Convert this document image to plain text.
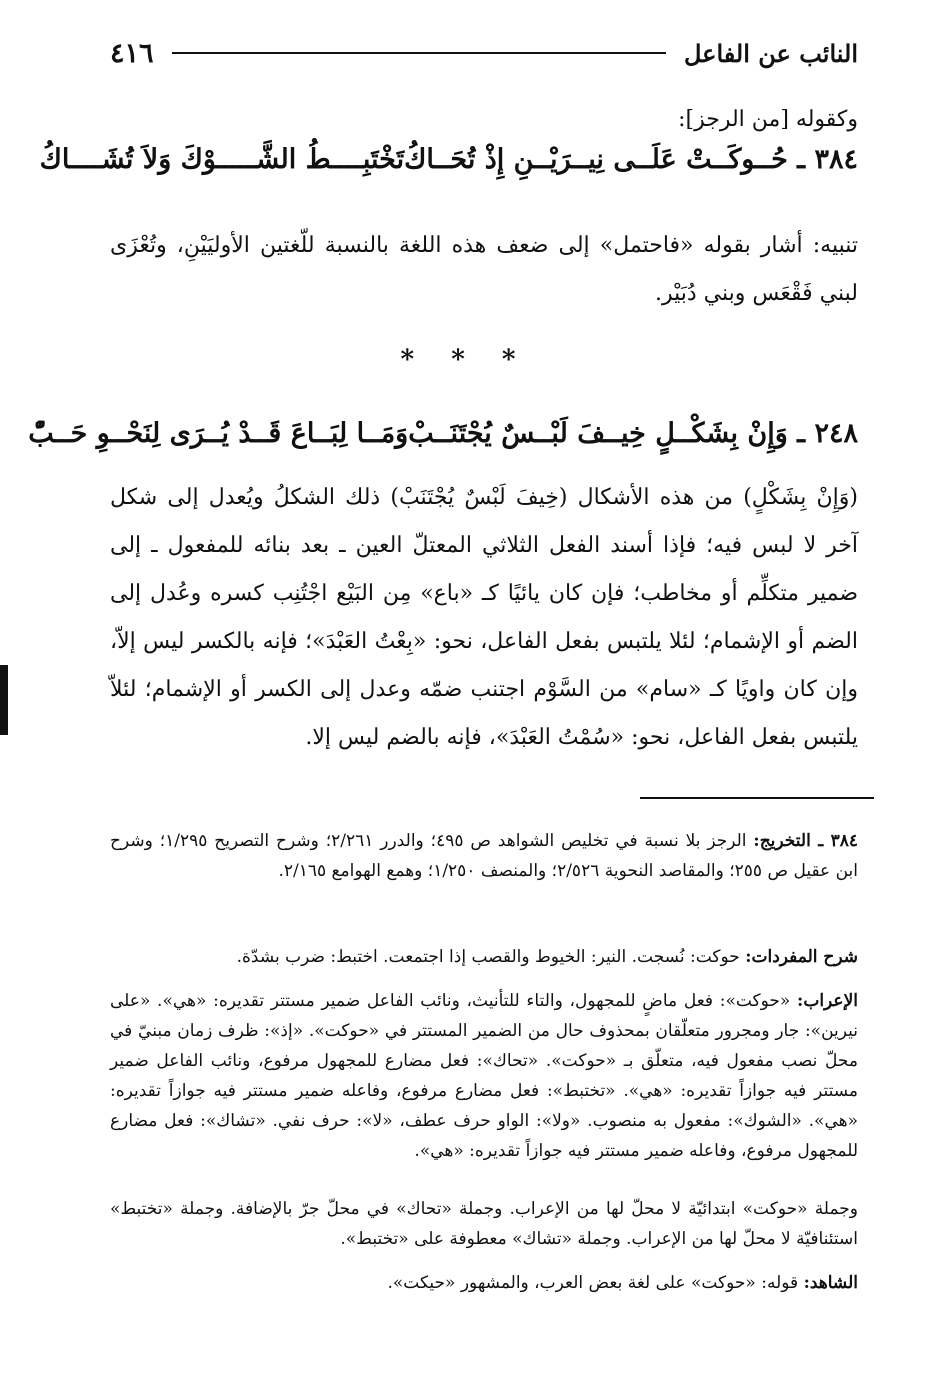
النائب عن الفاعل
٤١٦

وكقوله [من الرجز]:

٣٨٤ ـ حُــوكَــتْ عَلَــى نِيــرَيْــنِ إِذْ تُحَــاكُ
تَخْتَبِــــطُ الشَّـــــوْكَ وَلاَ تُشَــــاكُ

تنبيه: أشار بقوله «فاحتمل» إلى ضعف هذه اللغة بالنسبة للّغتين الأوليَيْنِ، وتُعْزَى لبني فَقْعَس وبني دُبَيْر.

* * *
٢٤٨ ـ وَإِنْ بِشَكْــلٍ خِيــفَ لَبْــسٌ يُجْتَنَــبْ
وَمَــا لِبَــاعَ قَــدْ يُــرَى لِنَحْــوِ حَــبّْ

(وَإِنْ بِشَكْلٍ) من هذه الأشكال (خِيفَ لَبْسٌ يُجْتَنَبْ) ذلك الشكلُ ويُعدل إلى شكل آخر لا لبس فيه؛ فإذا أسند الفعل الثلاثي المعتلّ العين ـ بعد بنائه للمفعول ـ إلى ضمير متكلِّم أو مخاطب؛ فإن كان يائيًا كـ «باع» مِن البَيْع اجْتُنِب كسره وعُدل إلى الضم أو الإشمام؛ لئلا يلتبس بفعل الفاعل، نحو: «بِعْتُ العَبْدَ»؛ فإنه بالكسر ليس إلاّ، وإن كان واويًا كـ «سام» من السَّوْم اجتنب ضمّه وعدل إلى الكسر أو الإشمام؛ لئلاّ يلتبس بفعل الفاعل، نحو: «سُمْتُ العَبْدَ»، فإنه بالضم ليس إلا.

٣٨٤ ـ التخريج: الرجز بلا نسبة في تخليص الشواهد ص ٤٩٥؛ والدرر ٢/٢٦١؛ وشرح التصريح ١/٢٩٥؛ وشرح ابن عقيل ص ٢٥٥؛ والمقاصد النحوية ٢/٥٢٦؛ والمنصف ١/٢٥٠؛ وهمع الهوامع ٢/١٦٥.

شرح المفردات: حوكت: نُسجت. النير: الخيوط والقصب إذا اجتمعت. اختبط: ضرب بشدّة.

الإعراب: «حوكت»: فعل ماضٍ للمجهول، والتاء للتأنيث، ونائب الفاعل ضمير مستتر تقديره: «هي». «على نيرين»: جار ومجرور متعلّقان بمحذوف حال من الضمير المستتر في «حوكت». «إذ»: ظرف زمان مبنيّ في محلّ نصب مفعول فيه، متعلّق بـ «حوكت». «تحاك»: فعل مضارع للمجهول مرفوع، ونائب الفاعل ضمير مستتر فيه جوازاً تقديره: «هي». «تختبط»: فعل مضارع مرفوع، وفاعله ضمير مستتر فيه جوازاً تقديره: «هي». «الشوك»: مفعول به منصوب. «ولا»: الواو حرف عطف، «لا»: حرف نفي. «تشاك»: فعل مضارع للمجهول مرفوع، وفاعله ضمير مستتر فيه جوازاً تقديره: «هي».

وجملة «حوكت» ابتدائيّة لا محلّ لها من الإعراب. وجملة «تحاك» في محلّ جرّ بالإضافة. وجملة «تختبط» استئنافيّة لا محلّ لها من الإعراب. وجملة «تشاك» معطوفة على «تختبط».

الشاهد: قوله: «حوكت» على لغة بعض العرب، والمشهور «حيكت».
